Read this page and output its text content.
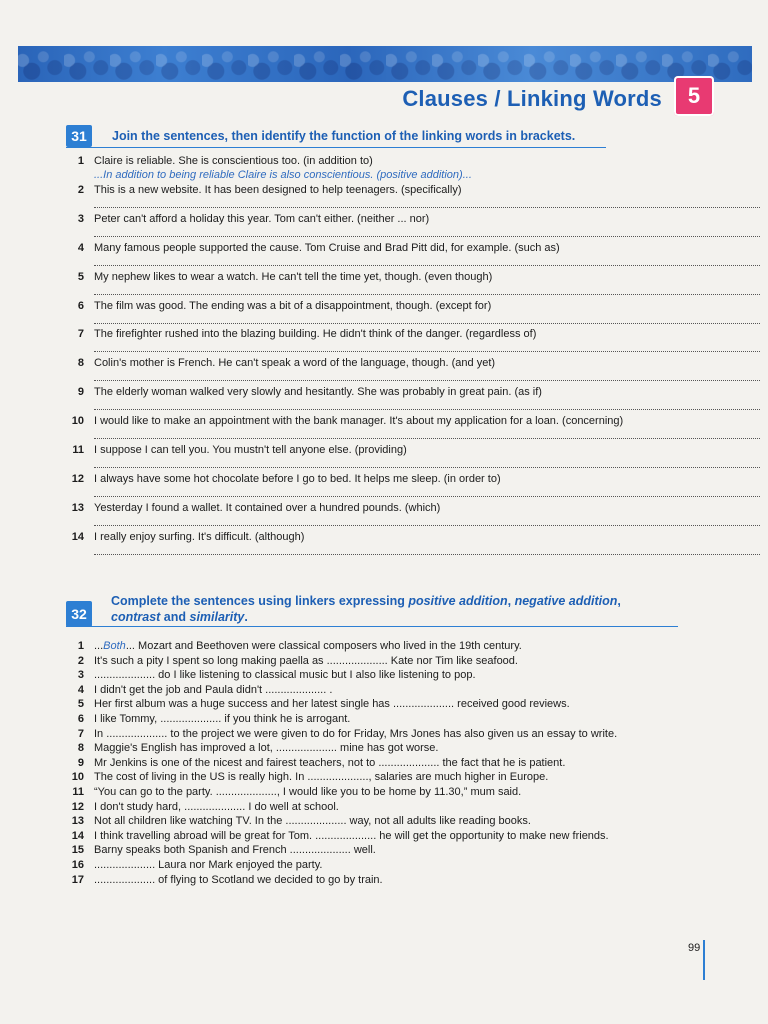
Clauses / Linking Words	5
31	Join the sentences, then identify the function of the linking words in brackets.
1 Claire is reliable. She is conscientious too. (in addition to)
...In addition to being reliable Claire is also conscientious. (positive addition)...
2 This is a new website. It has been designed to help teenagers. (specifically)
3 Peter can't afford a holiday this year. Tom can't either. (neither ... nor)
4 Many famous people supported the cause. Tom Cruise and Brad Pitt did, for example. (such as)
5 My nephew likes to wear a watch. He can't tell the time yet, though. (even though)
6 The film was good. The ending was a bit of a disappointment, though. (except for)
7 The firefighter rushed into the blazing building. He didn't think of the danger. (regardless of)
8 Colin's mother is French. He can't speak a word of the language, though. (and yet)
9 The elderly woman walked very slowly and hesitantly. She was probably in great pain. (as if)
10 I would like to make an appointment with the bank manager. It's about my application for a loan. (concerning)
11 I suppose I can tell you. You mustn't tell anyone else. (providing)
12 I always have some hot chocolate before I go to bed. It helps me sleep. (in order to)
13 Yesterday I found a wallet. It contained over a hundred pounds. (which)
14 I really enjoy surfing. It's difficult. (although)
32
Complete the sentences using linkers expressing positive addition, negative addition,
contrast and similarity.
1 ...Both... Mozart and Beethoven were classical composers who lived in the 19th century.
2 It's such a pity I spent so long making paella as .................... Kate nor Tim like seafood.
3 .................... do I like listening to classical music but I also like listening to pop.
4 I didn't get the job and Paula didn't .................... .
5 Her first album was a huge success and her latest single has .................... received good reviews.
6 I like Tommy, .................... if you think he is arrogant.
7 In .................... to the project we were given to do for Friday, Mrs Jones has also given us an essay to write.
8 Maggie's English has improved a lot, .................... mine has got worse.
9 Mr Jenkins is one of the nicest and fairest teachers, not to .................... the fact that he is patient.
10 The cost of living in the US is really high. In ...................., salaries are much higher in Europe.
11 “You can go to the party. ...................., I would like you to be home by 11.30,” mum said.
12 I don't study hard, .................... I do well at school.
13 Not all children like watching TV. In the .................... way, not all adults like reading books.
14 I think travelling abroad will be great for Tom. .................... he will get the opportunity to make new friends.
15 Barny speaks both Spanish and French .................... well.
16 .................... Laura nor Mark enjoyed the party.
17 .................... of flying to Scotland we decided to go by train.
99
